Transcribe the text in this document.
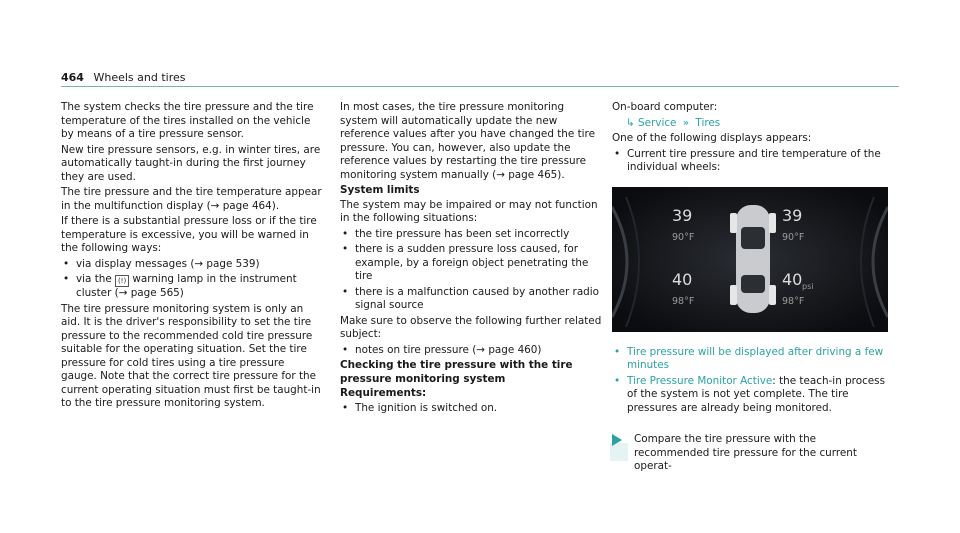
464 Wheels and tires

The system checks the tire pressure and the tire temperature of the tires installed on the vehicle by means of a tire pressure sensor.

New tire pressure sensors, e.g. in winter tires, are automatically taught-in during the first journey they are used.

The tire pressure and the tire temperature appear in the multifunction display (→ page 464).

If there is a substantial pressure loss or if the tire temperature is excessive, you will be warned in the following ways:

• via display messages (→ page 539)
• via the (!) warning lamp in the instrument cluster (→ page 565)

The tire pressure monitoring system is only an aid. It is the driver's responsibility to set the tire pressure to the recommended cold tire pressure suitable for the operating situation. Set the tire pressure for cold tires using a tire pressure gauge. Note that the correct tire pressure for the current operating situation must first be taught-in to the tire pressure monitoring system.

In most cases, the tire pressure monitoring system will automatically update the new reference values after you have changed the tire pressure. You can, however, also update the reference values by restarting the tire pressure monitoring system manually (→ page 465).

System limits

The system may be impaired or may not function in the following situations:

• the tire pressure has been set incorrectly
• there is a sudden pressure loss caused, for example, by a foreign object penetrating the tire
• there is a malfunction caused by another radio signal source

Make sure to observe the following further related subject:

• notes on tire pressure (→ page 460)
Checking the tire pressure with the tire pressure monitoring system
Requirements:
• The ignition is switched on.

On-board computer:

↳ Service » Tires

One of the following displays appears:

• Current tire pressure and tire temperature of the individual wheels:
39
90°F
39
90°F
40
98°F
40 psi
98°F
• Tire pressure will be displayed after driving a few minutes
• Tire Pressure Monitor Active: the teach-in process of the system is not yet complete. The tire pressures are already being monitored.
Compare the tire pressure with the recommended tire pressure for the current operat-
